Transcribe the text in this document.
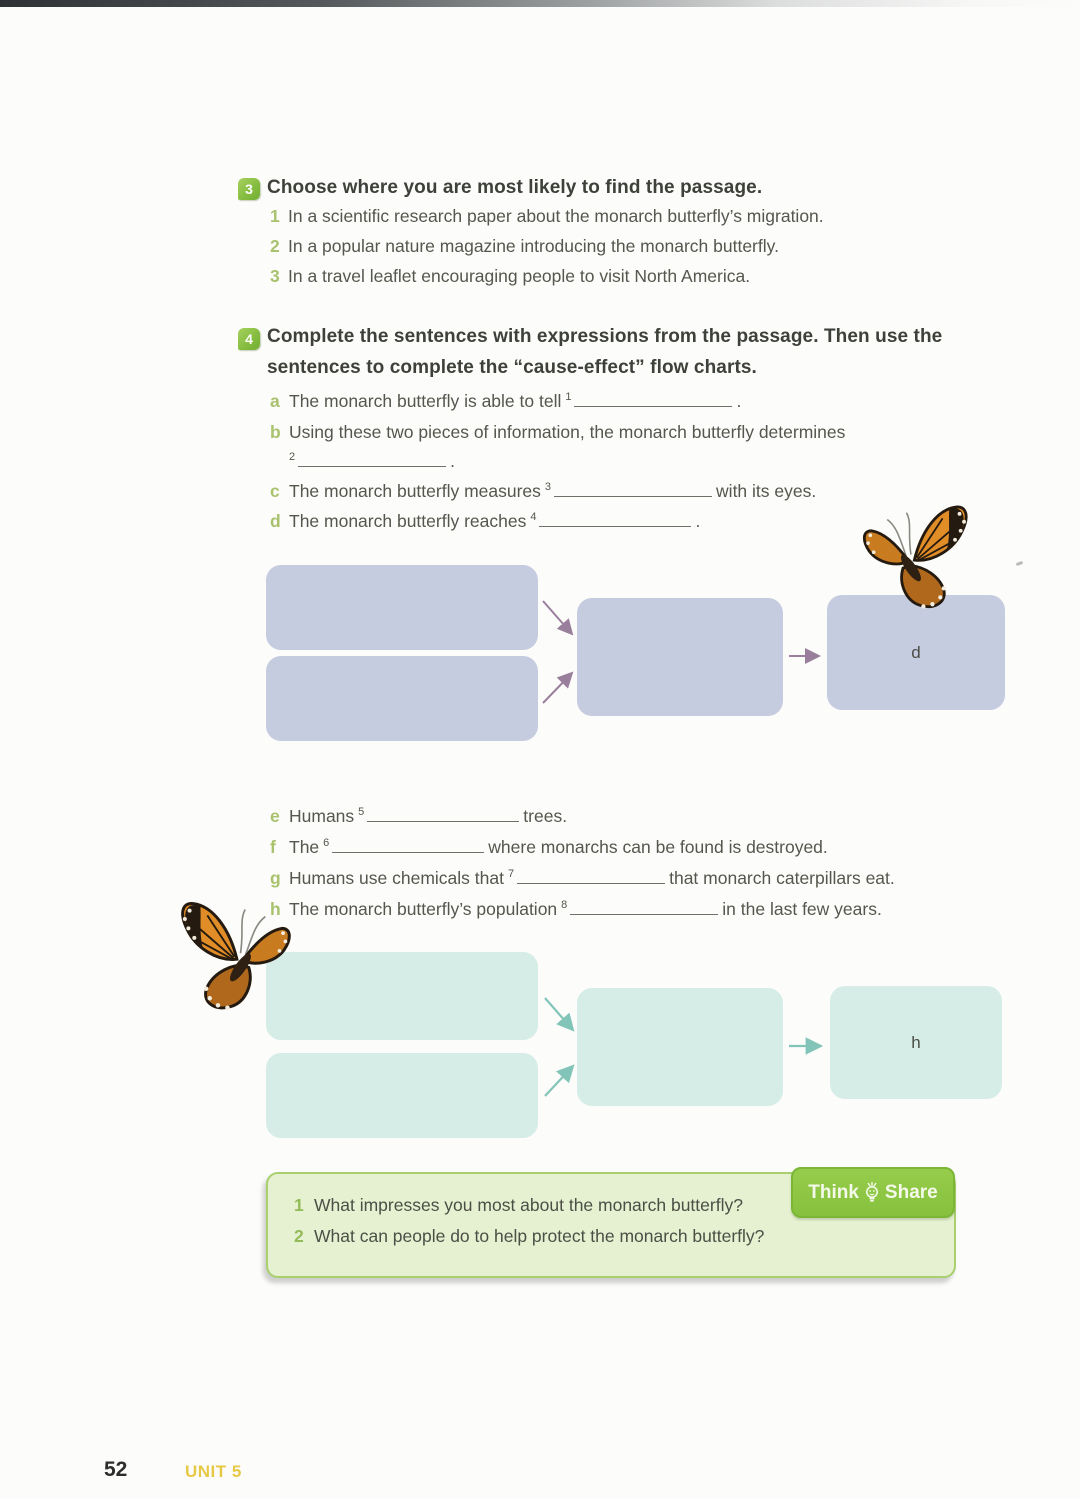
3 Choose where you are most likely to find the passage.
1 In a scientific research paper about the monarch butterfly’s migration.
2 In a popular nature magazine introducing the monarch butterfly.
3 In a travel leaflet encouraging people to visit North America.
4 Complete the sentences with expressions from the passage. Then use the
sentences to complete the “cause-effect” flow charts.
a The monarch butterfly is able to tell $^1$	.
b Using these two pieces of information, the monarch butterfly determines
$^2$	.
c The monarch butterfly measures $^3$	with its eyes.
d The monarch butterfly reaches $^4$	.
d
e Humans $^5$	trees.
f The $^6$	where monarchs can be found is destroyed.
g Humans use chemicals that $^7$	that monarch caterpillars eat.
h The monarch butterfly’s population $^8$	in the last few years.
h
Think Share
1 What impresses you most about the monarch butterfly?
2 What can people do to help protect the monarch butterfly?
52	UNIT 5
